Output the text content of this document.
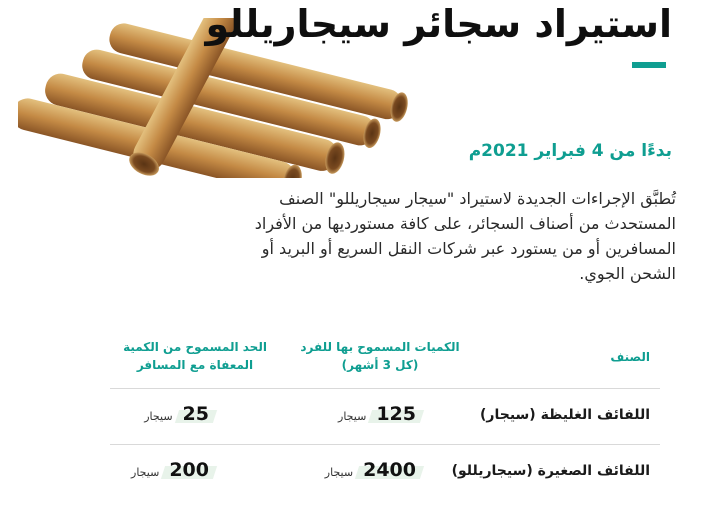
استيراد سجائر سيجاريللو

بدءًا من 4 فبراير 2021م

تُطبَّق الإجراءات الجديدة لاستيراد "سيجار سيجاريللو" الصنف المستحدث من أصناف السجائر، على كافة مستورديها من الأفراد المسافرين أو من يستورد عبر شركات النقل السريع أو البريد أو الشحن الجوي.

الصنف
الكميات المسموح بها للفرد (كل 3 أشهر)
الحد المسموح من الكمية المعفاة مع المسافر
اللفائف الغليظة (سيجار)
125سيجار
25سيجار
اللفائف الصغيرة (سيجاريللو)
2400سيجار
200سيجار
